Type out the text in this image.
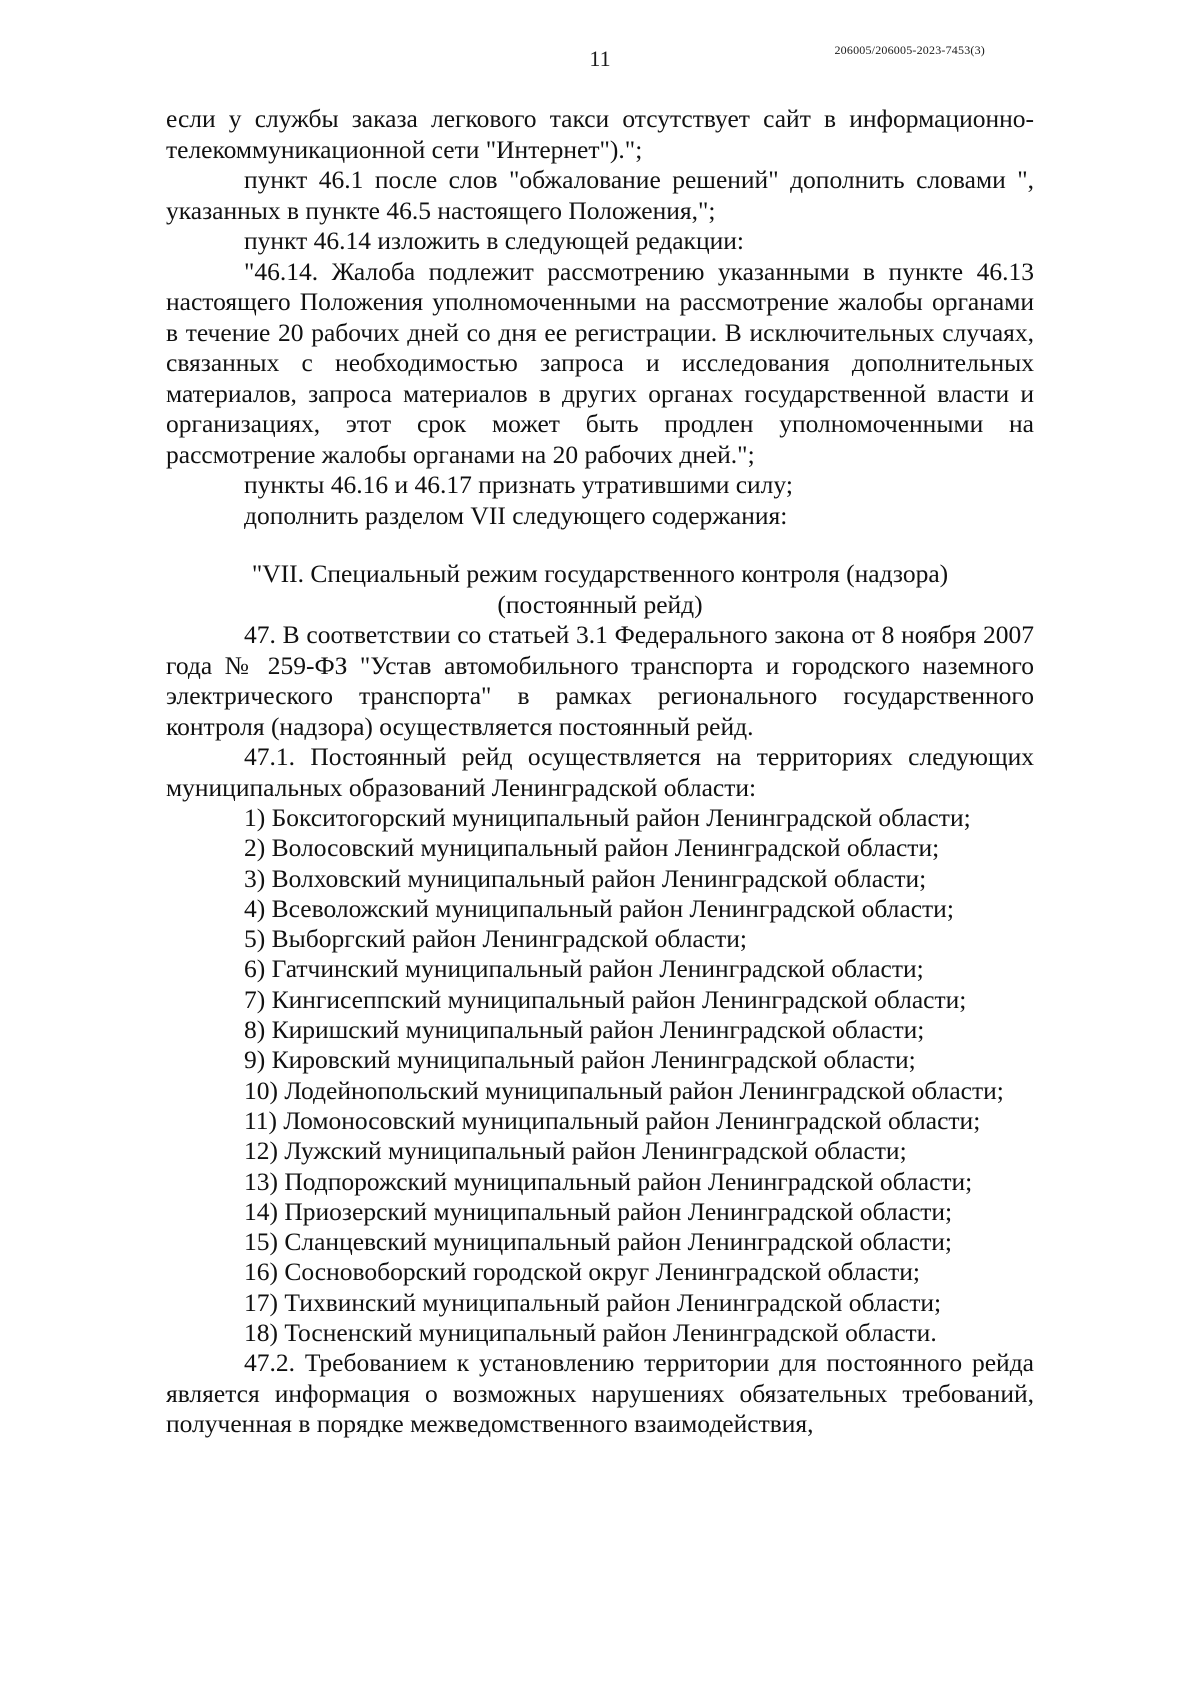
11	206005/206005-2023-7453(3)

если у службы заказа легкового такси отсутствует сайт в информационно-телекоммуникационной сети "Интернет").";

пункт 46.1 после слов "обжалование решений" дополнить словами ", указанных в пункте 46.5 настоящего Положения,";

пункт 46.14 изложить в следующей редакции:

"46.14. Жалоба подлежит рассмотрению указанными в пункте 46.13 настоящего Положения уполномоченными на рассмотрение жалобы органами в течение 20 рабочих дней со дня ее регистрации. В исключительных случаях, связанных с необходимостью запроса и исследования дополнительных материалов, запроса материалов в других органах государственной власти и организациях, этот срок может быть продлен уполномоченными на рассмотрение жалобы органами на 20 рабочих дней.";

пункты 46.16 и 46.17 признать утратившими силу;

дополнить разделом VII следующего содержания:

"VII. Специальный режим государственного контроля (надзора)
(постоянный рейд)

47. В соответствии со статьей 3.1 Федерального закона от 8 ноября 2007 года № 259-ФЗ "Устав автомобильного транспорта и городского наземного электрического транспорта" в рамках регионального государственного контроля (надзора) осуществляется постоянный рейд.

47.1. Постоянный рейд осуществляется на территориях следующих муниципальных образований Ленинградской области:

1) Бокситогорский муниципальный район Ленинградской области;
2) Волосовский муниципальный район Ленинградской области;
3) Волховский муниципальный район Ленинградской области;
4) Всеволожский муниципальный район Ленинградской области;
5) Выборгский район Ленинградской области;
6) Гатчинский муниципальный район Ленинградской области;
7) Кингисеппский муниципальный район Ленинградской области;
8) Киришский муниципальный район Ленинградской области;
9) Кировский муниципальный район Ленинградской области;
10) Лодейнопольский муниципальный район Ленинградской области;
11) Ломоносовский муниципальный район Ленинградской области;
12) Лужский муниципальный район Ленинградской области;
13) Подпорожский муниципальный район Ленинградской области;
14) Приозерский муниципальный район Ленинградской области;
15) Сланцевский муниципальный район Ленинградской области;
16) Сосновоборский городской округ Ленинградской области;
17) Тихвинский муниципальный район Ленинградской области;
18) Тосненский муниципальный район Ленинградской области.

47.2. Требованием к установлению территории для постоянного рейда является информация о возможных нарушениях обязательных требований, полученная в порядке межведомственного взаимодействия,
